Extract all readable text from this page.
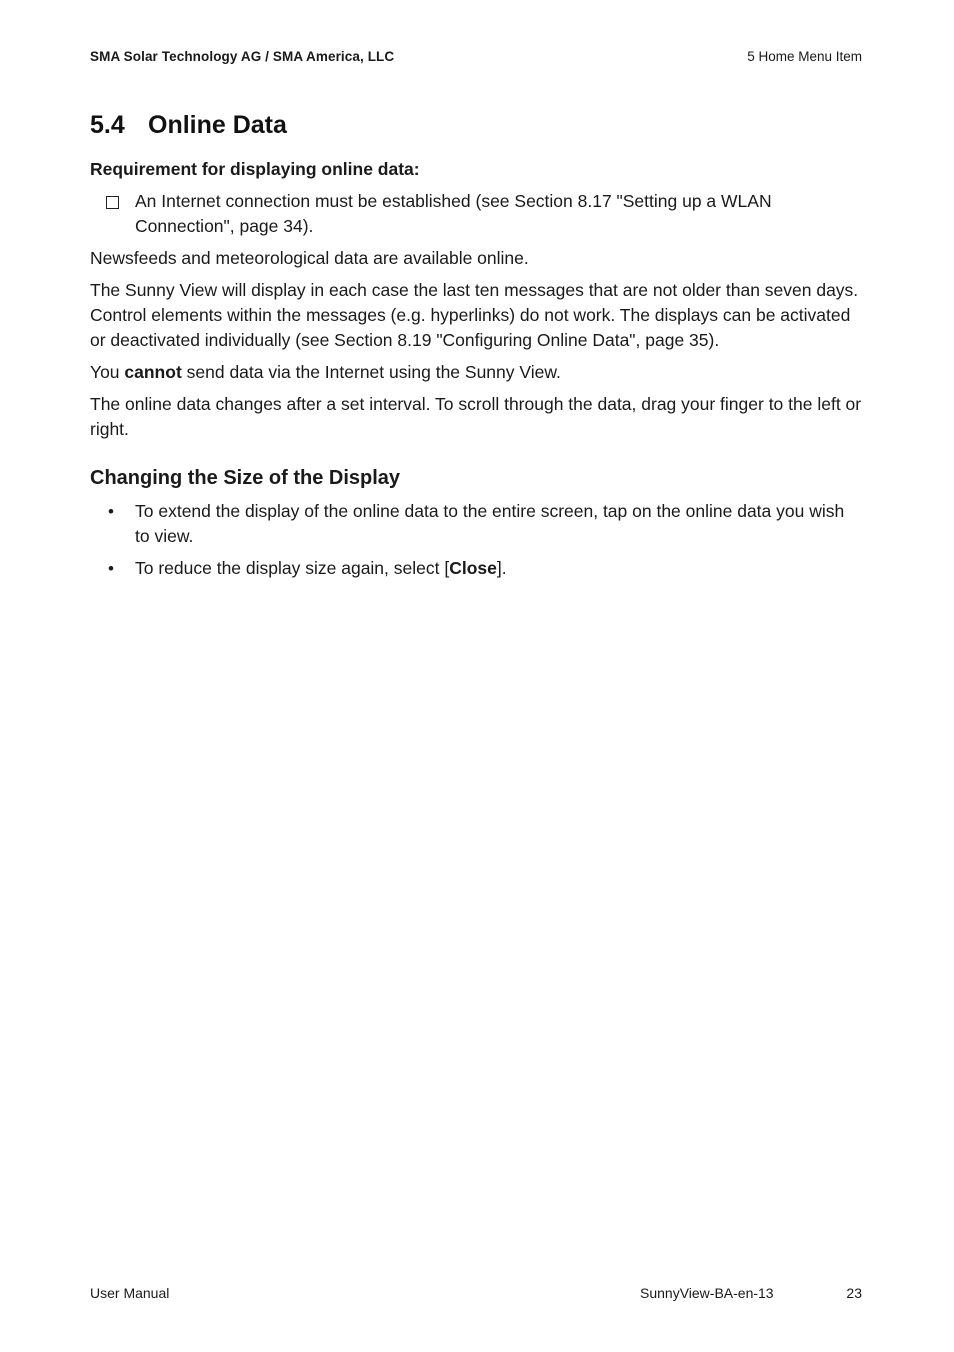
SMA Solar Technology AG / SMA America, LLC	5 Home Menu Item
5.4 Online Data

Requirement for displaying online data:

An Internet connection must be established (see Section 8.17 "Setting up a WLAN Connection", page 34).

Newsfeeds and meteorological data are available online.

The Sunny View will display in each case the last ten messages that are not older than seven days. Control elements within the messages (e.g. hyperlinks) do not work. The displays can be activated or deactivated individually (see Section 8.19 "Configuring Online Data", page 35).

You cannot send data via the Internet using the Sunny View.

The online data changes after a set interval. To scroll through the data, drag your finger to the left or right.

Changing the Size of the Display
•	To extend the display of the online data to the entire screen, tap on the online data you wish to view.
•	To reduce the display size again, select [Close].
User Manual	SunnyView-BA-en-13	23
